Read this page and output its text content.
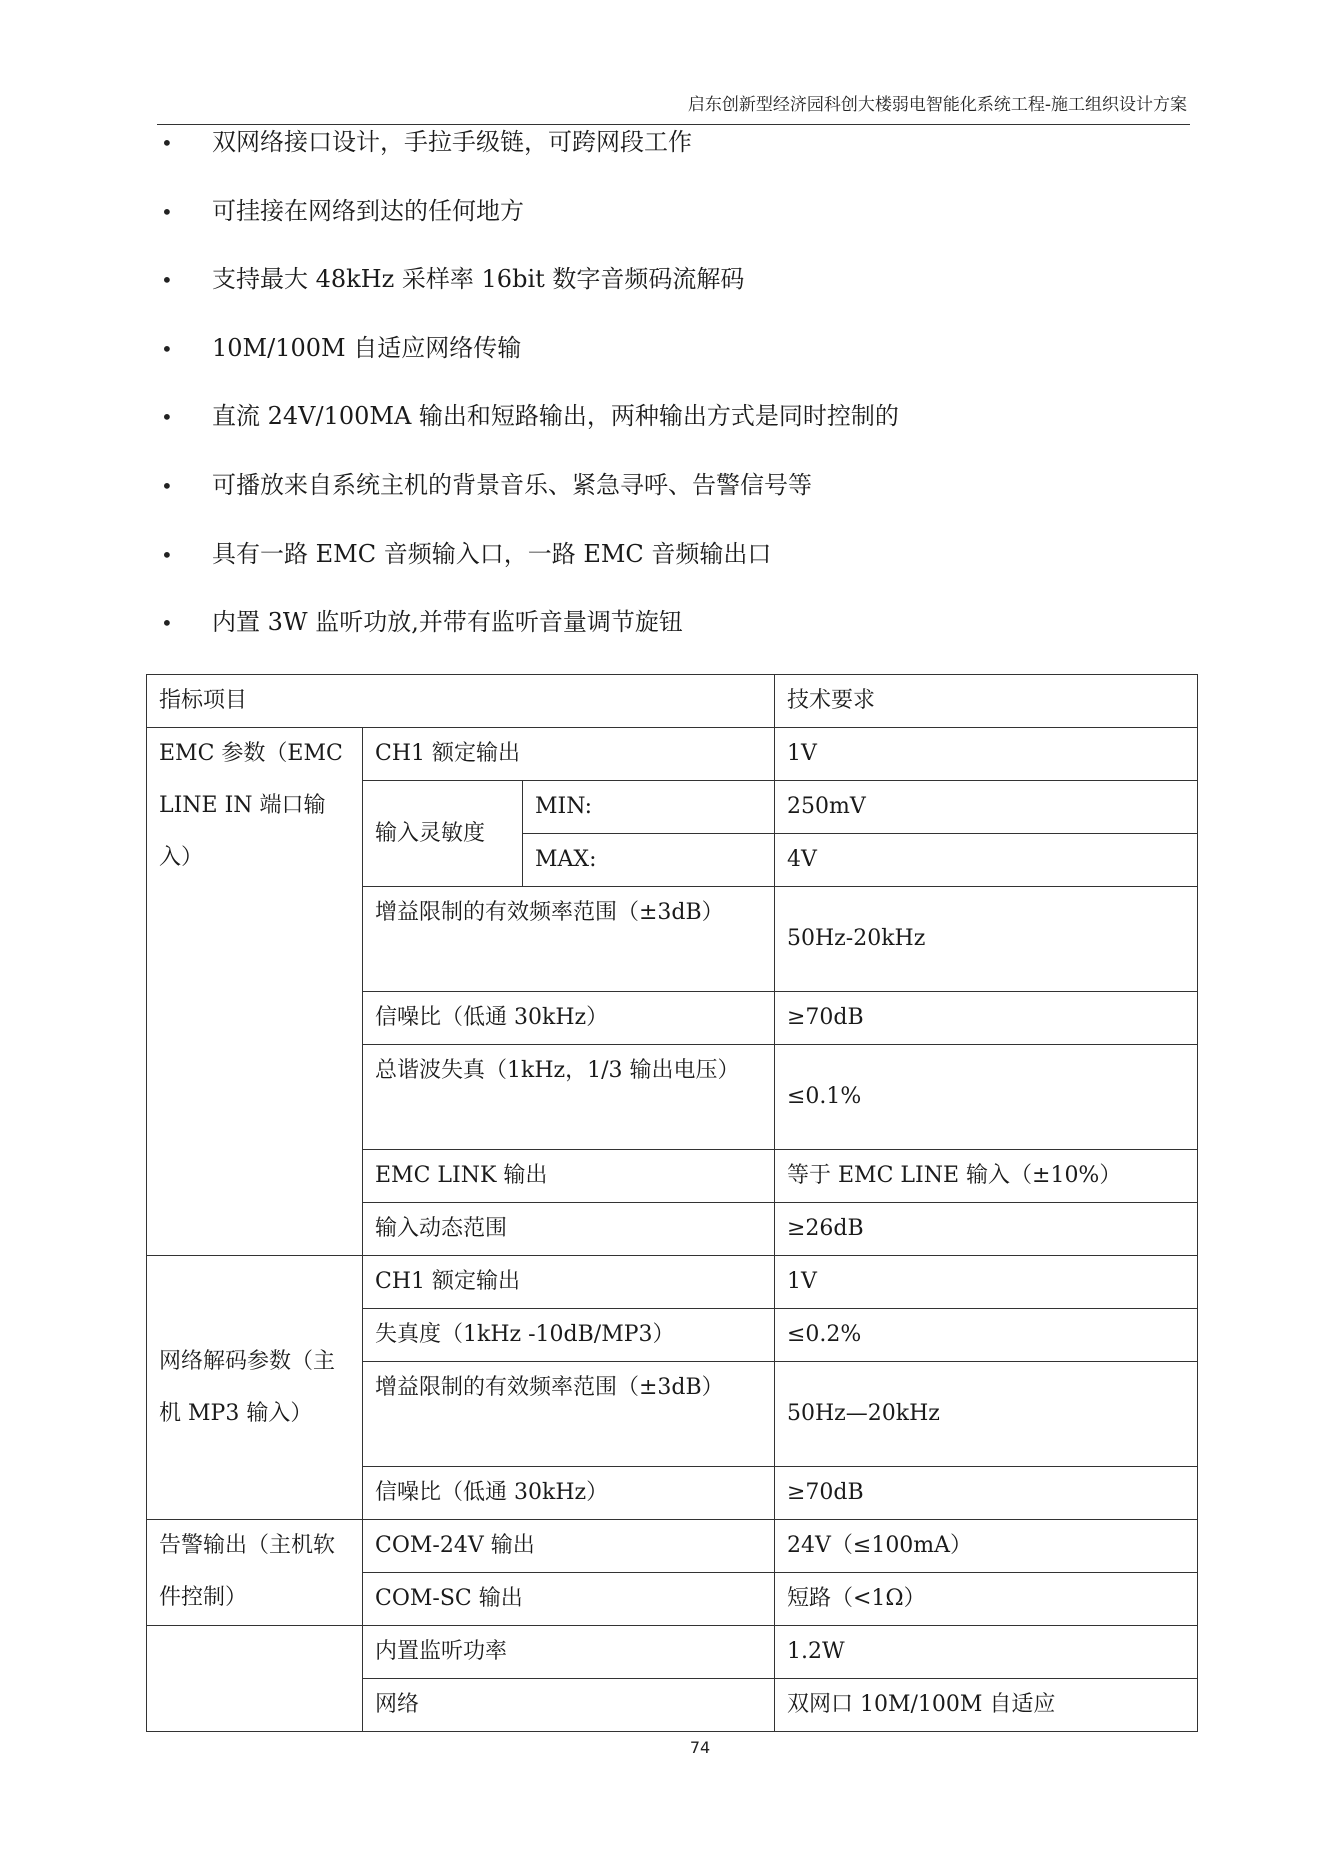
启东创新型经济园科创大楼弱电智能化系统工程-施工组织设计方案
•	双网络接口设计，手拉手级链，可跨网段工作
•	可挂接在网络到达的任何地方
•	支持最大 48kHz 采样率 16bit 数字音频码流解码
•	10M/100M 自适应网络传输
•	直流 24V/100MA 输出和短路输出，两种输出方式是同时控制的
•	可播放来自系统主机的背景音乐、紧急寻呼、告警信号等
•	具有一路 EMC 音频输入口，一路 EMC 音频输出口
•	内置 3W 监听功放,并带有监听音量调节旋钮
指标项目			技术要求
EMC 参数（EMC LINE IN 端口输入）	CH1 额定输出		1V
	输入灵敏度	MIN:	250mV
		MAX:	4V
	增益限制的有效频率范围（±3dB）		50Hz-20kHz
	信噪比（低通 30kHz）		≥70dB
	总谐波失真（1kHz，1/3 输出电压）		≤0.1%
	EMC LINK 输出		等于 EMC LINE 输入（±10%）
	输入动态范围		≥26dB

网络解码参数（主机 MP3 输入）	CH1 额定输出		1V
	失真度（1kHz -10dB/MP3）		≤0.2%
	增益限制的有效频率范围（±3dB）		50Hz—20kHz
	信噪比（低通 30kHz）		≥70dB
告警输出（主机软件控制）	COM-24V 输出		24V（≤100mA）
	COM-SC 输出		短路（<1Ω）
	内置监听功率		1.2W
	网络		双网口 10M/100M 自适应
74
